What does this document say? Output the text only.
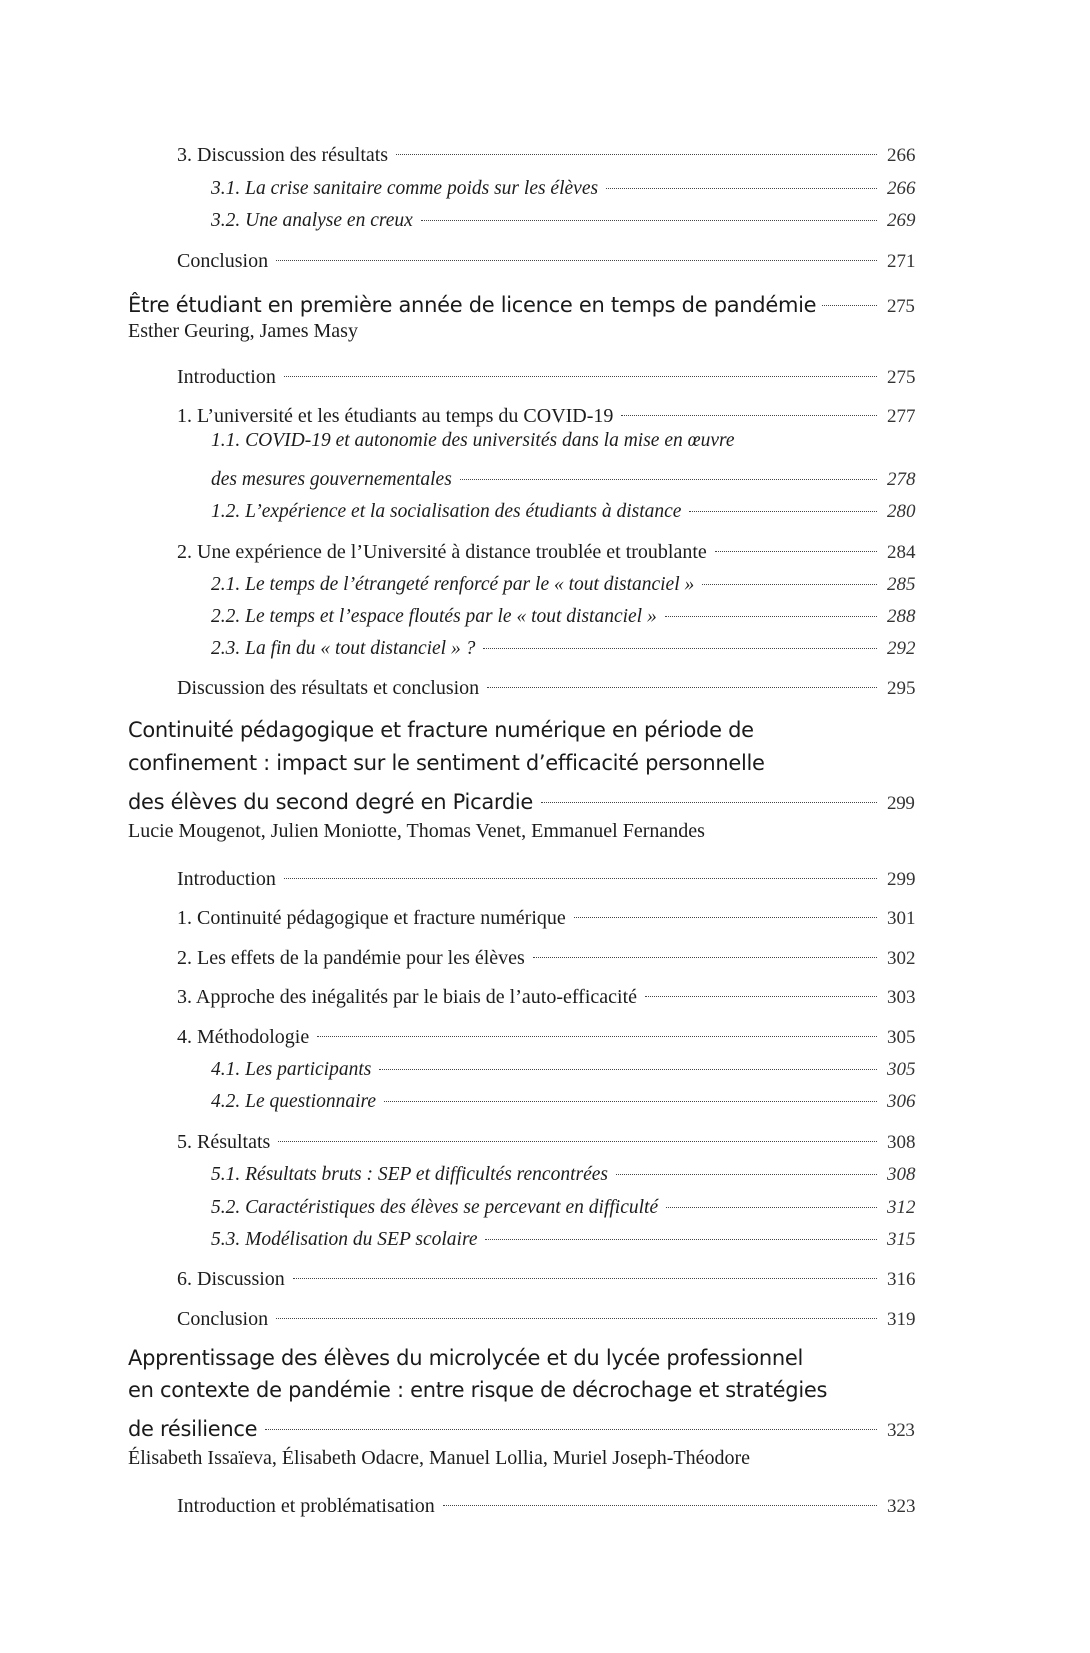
3. Discussion des résultats	266
3.1. La crise sanitaire comme poids sur les élèves	266
3.2. Une analyse en creux	269
Conclusion	271
Être étudiant en première année de licence en temps de pandémie	275
Esther Geuring, James Masy
Introduction	275
1. L’université et les étudiants au temps du COVID-19	277
1.1. COVID-19 et autonomie des universités dans la mise en œuvre
des mesures gouvernementales	278
1.2. L’expérience et la socialisation des étudiants à distance	280
2. Une expérience de l’Université à distance troublée et troublante	284
2.1. Le temps de l’étrangeté renforcé par le « tout distanciel »	285
2.2. Le temps et l’espace floutés par le « tout distanciel »	288
2.3. La fin du « tout distanciel » ?	292
Discussion des résultats et conclusion	295
Continuité pédagogique et fracture numérique en période de
confinement : impact sur le sentiment d’efficacité personnelle
des élèves du second degré en Picardie	299
Lucie Mougenot, Julien Moniotte, Thomas Venet, Emmanuel Fernandes
Introduction	299
1. Continuité pédagogique et fracture numérique	301
2. Les effets de la pandémie pour les élèves	302
3. Approche des inégalités par le biais de l’auto-efficacité	303
4. Méthodologie	305
4.1. Les participants	305
4.2. Le questionnaire	306
5. Résultats	308
5.1. Résultats bruts : SEP et difficultés rencontrées	308
5.2. Caractéristiques des élèves se percevant en difficulté	312
5.3. Modélisation du SEP scolaire	315
6. Discussion	316
Conclusion	319
Apprentissage des élèves du microlycée et du lycée professionnel
en contexte de pandémie : entre risque de décrochage et stratégies
de résilience	323
Élisabeth Issaïeva, Élisabeth Odacre, Manuel Lollia, Muriel Joseph-Théodore
Introduction et problématisation	323
